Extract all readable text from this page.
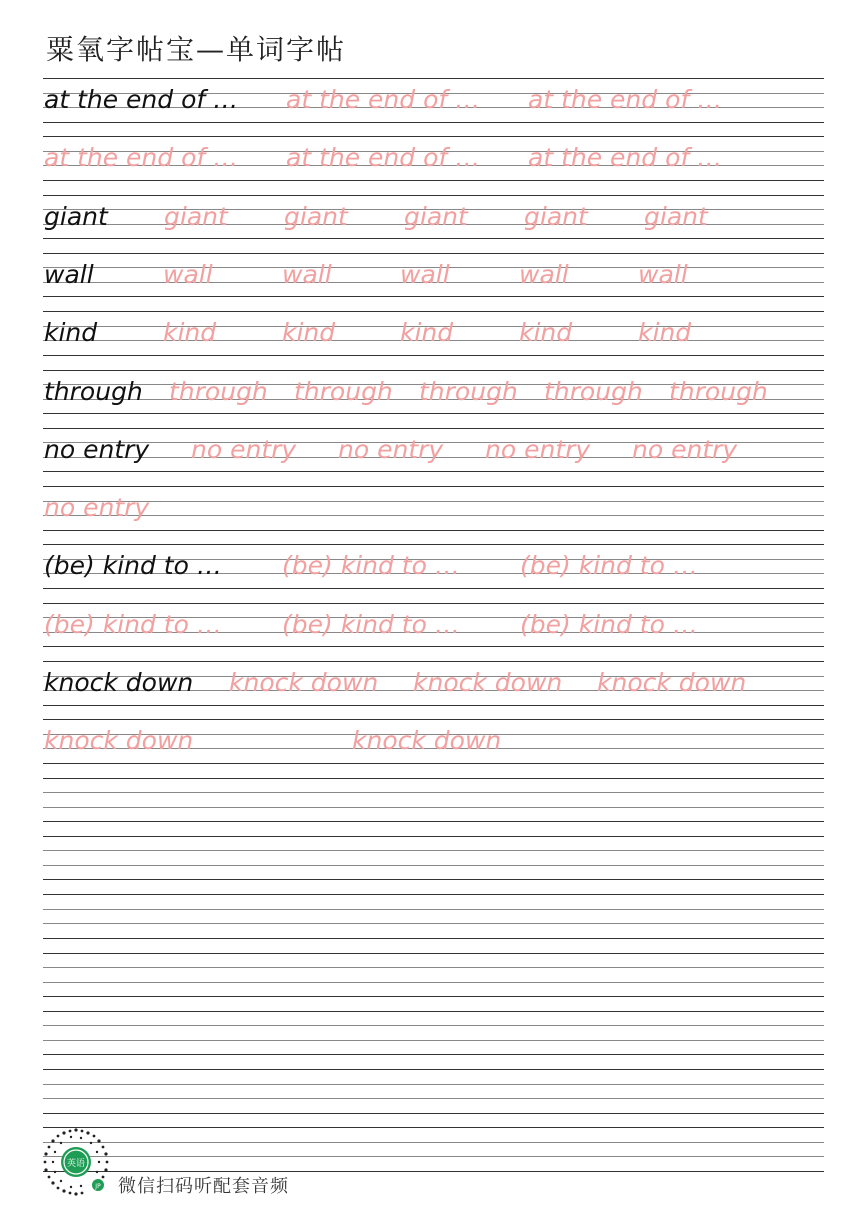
粟氧字帖宝—单词字帖
at the end of … at the end of … at the end of …
at the end of … at the end of … at the end of …
giant giant giant giant giant giant
wall	wall	wall	wall	wall	wall
kind	kind	kind	kind	kind	kind
through through through through through through
no entry no entry no entry no entry no entry
no entry
(be) kind to … (be) kind to … (be) kind to …
(be) kind to … (be) kind to … (be) kind to …
knock down knock down knock down knock down
knock down	knock down
英语
JP 微信扫码听配套音频
